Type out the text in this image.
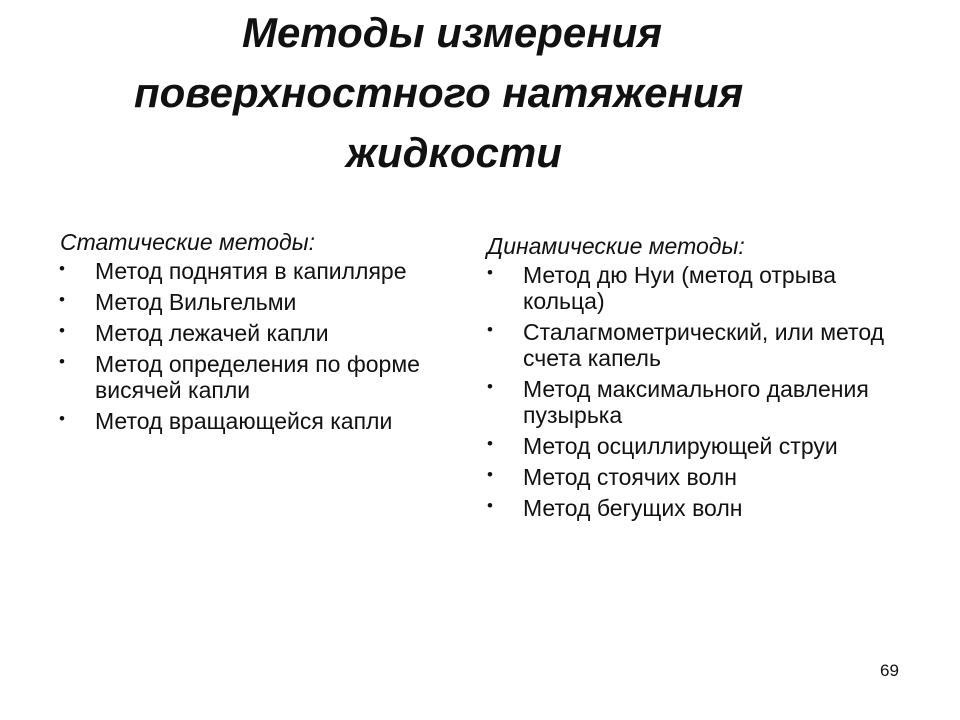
Методы измерения
поверхностного натяжения
жидкости
Статические методы:
• Метод поднятия в капилляре
• Метод Вильгельми
• Метод лежачей капли
• Метод определения по форме висячей капли
• Метод вращающейся капли
Динамические методы:
• Метод дю Нуи (метод отрыва кольца)
• Сталагмометрический, или метод счета капель
• Метод максимального давления пузырька
• Метод осциллирующей струи
• Метод стоячих волн
• Метод бегущих волн
69
